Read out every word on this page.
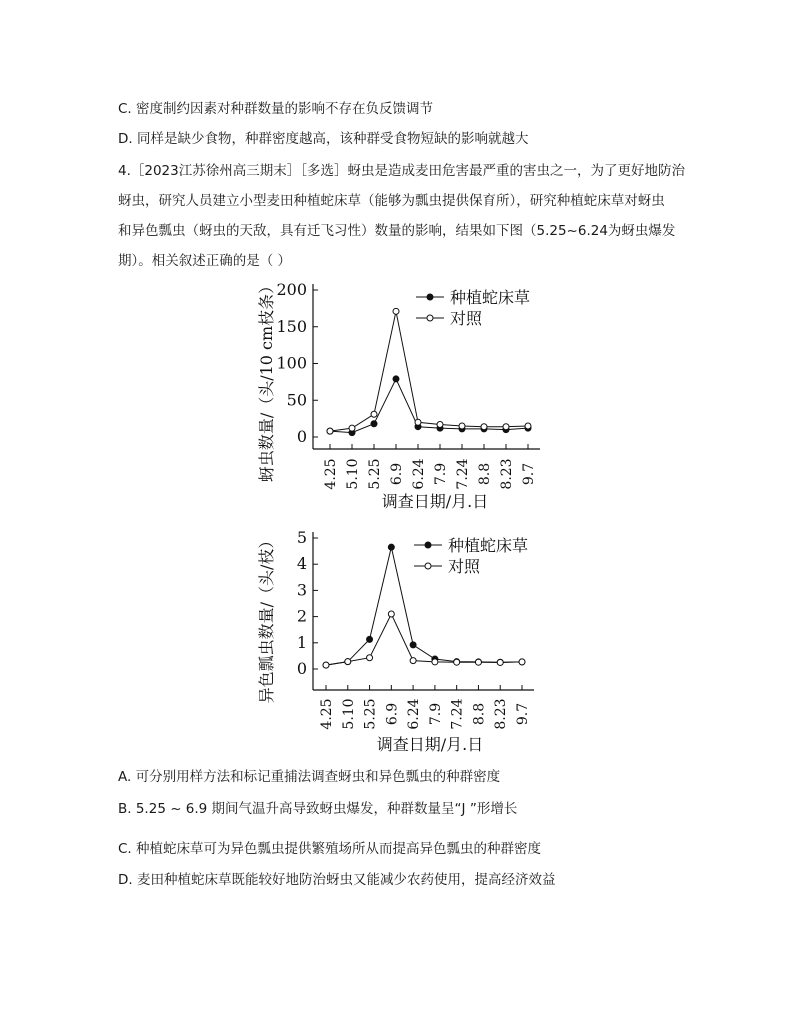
C. 密度制约因素对种群数量的影响不存在负反馈调节
D. 同样是缺少食物，种群密度越高，该种群受食物短缺的影响就越大
4.［2023江苏徐州高三期末］［多选］蚜虫是造成麦田危害最严重的害虫之一，为了更好地防治
蚜虫，研究人员建立小型麦田种植蛇床草（能够为瓢虫提供保育所），研究种植蛇床草对蚜虫
和异色瓢虫（蚜虫的天敌，具有迁飞习性）数量的影响，结果如下图（5.25~6.24为蚜虫爆发
期）。相关叙述正确的是（ ）
0
50
100
150
200
4.25 5.10 5.25 6.9 6.24 7.9 7.24 8.8 8.23 9.7
蚜虫数量/（头/10 cm枝条）
调查日期/月.日
种植蛇床草
对照
0
1
2
3
4
5
4.25 5.10 5.25 6.9 6.24 7.9 7.24 8.8 8.23 9.7
异色瓢虫数量/（头/枝）
调查日期/月.日
种植蛇床草
对照
A. 可分别用样方法和标记重捕法调查蚜虫和异色瓢虫的种群密度
B. 5.25 ~ 6.9 期间气温升高导致蚜虫爆发，种群数量呈“J ”形增长
C. 种植蛇床草可为异色瓢虫提供繁殖场所从而提高异色瓢虫的种群密度
D. 麦田种植蛇床草既能较好地防治蚜虫又能减少农药使用，提高经济效益
